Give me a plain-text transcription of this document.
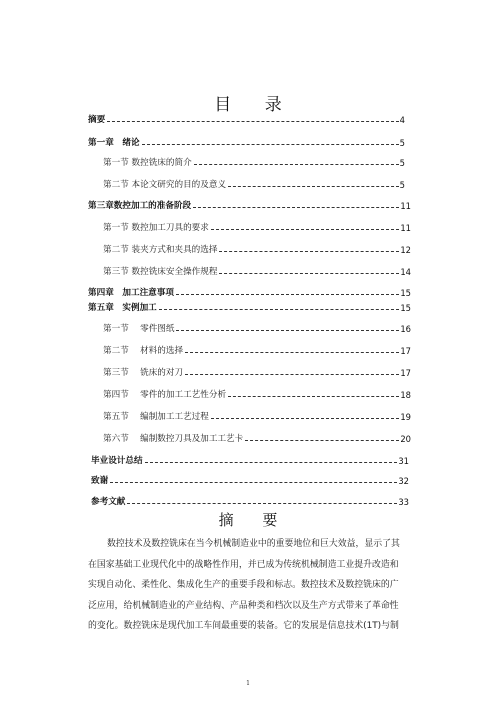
目 录
摘要	4
第一章　绪论	5
第一节 数控铣床的简介	5
第二节 本论文研究的目的及意义	5
第三章数控加工的准备阶段	11
第一节 数控加工刀具的要求	11
第二节 装夹方式和夹具的选择	12
第三节 数控铣床安全操作规程	14
第四章　加工注意事项	15
第五章　实例加工	15
第一节　 零件图纸	16
第二节　 材料的选择	17
第三节　 铣床的对刀	17
第四节　 零件的加工工艺性分析	18
第五节　 编制加工工艺过程	19
第六节　 编制数控刀具及加工工艺卡	20
毕业设计总结	31
致谢	32
参考文献	33
摘 要
数控技术及数控铣床在当今机械制造业中的重要地位和巨大效益，显示了其
在国家基础工业现代化中的战略性作用，并已成为传统机械制造工业提升改造和
实现自动化、柔性化、集成化生产的重要手段和标志。数控技术及数控铣床的广
泛应用，给机械制造业的产业结构、产品种类和档次以及生产方式带来了革命性
的变化。数控铣床是现代加工车间最重要的装备。它的发展是信息技术(1T)与制
1
